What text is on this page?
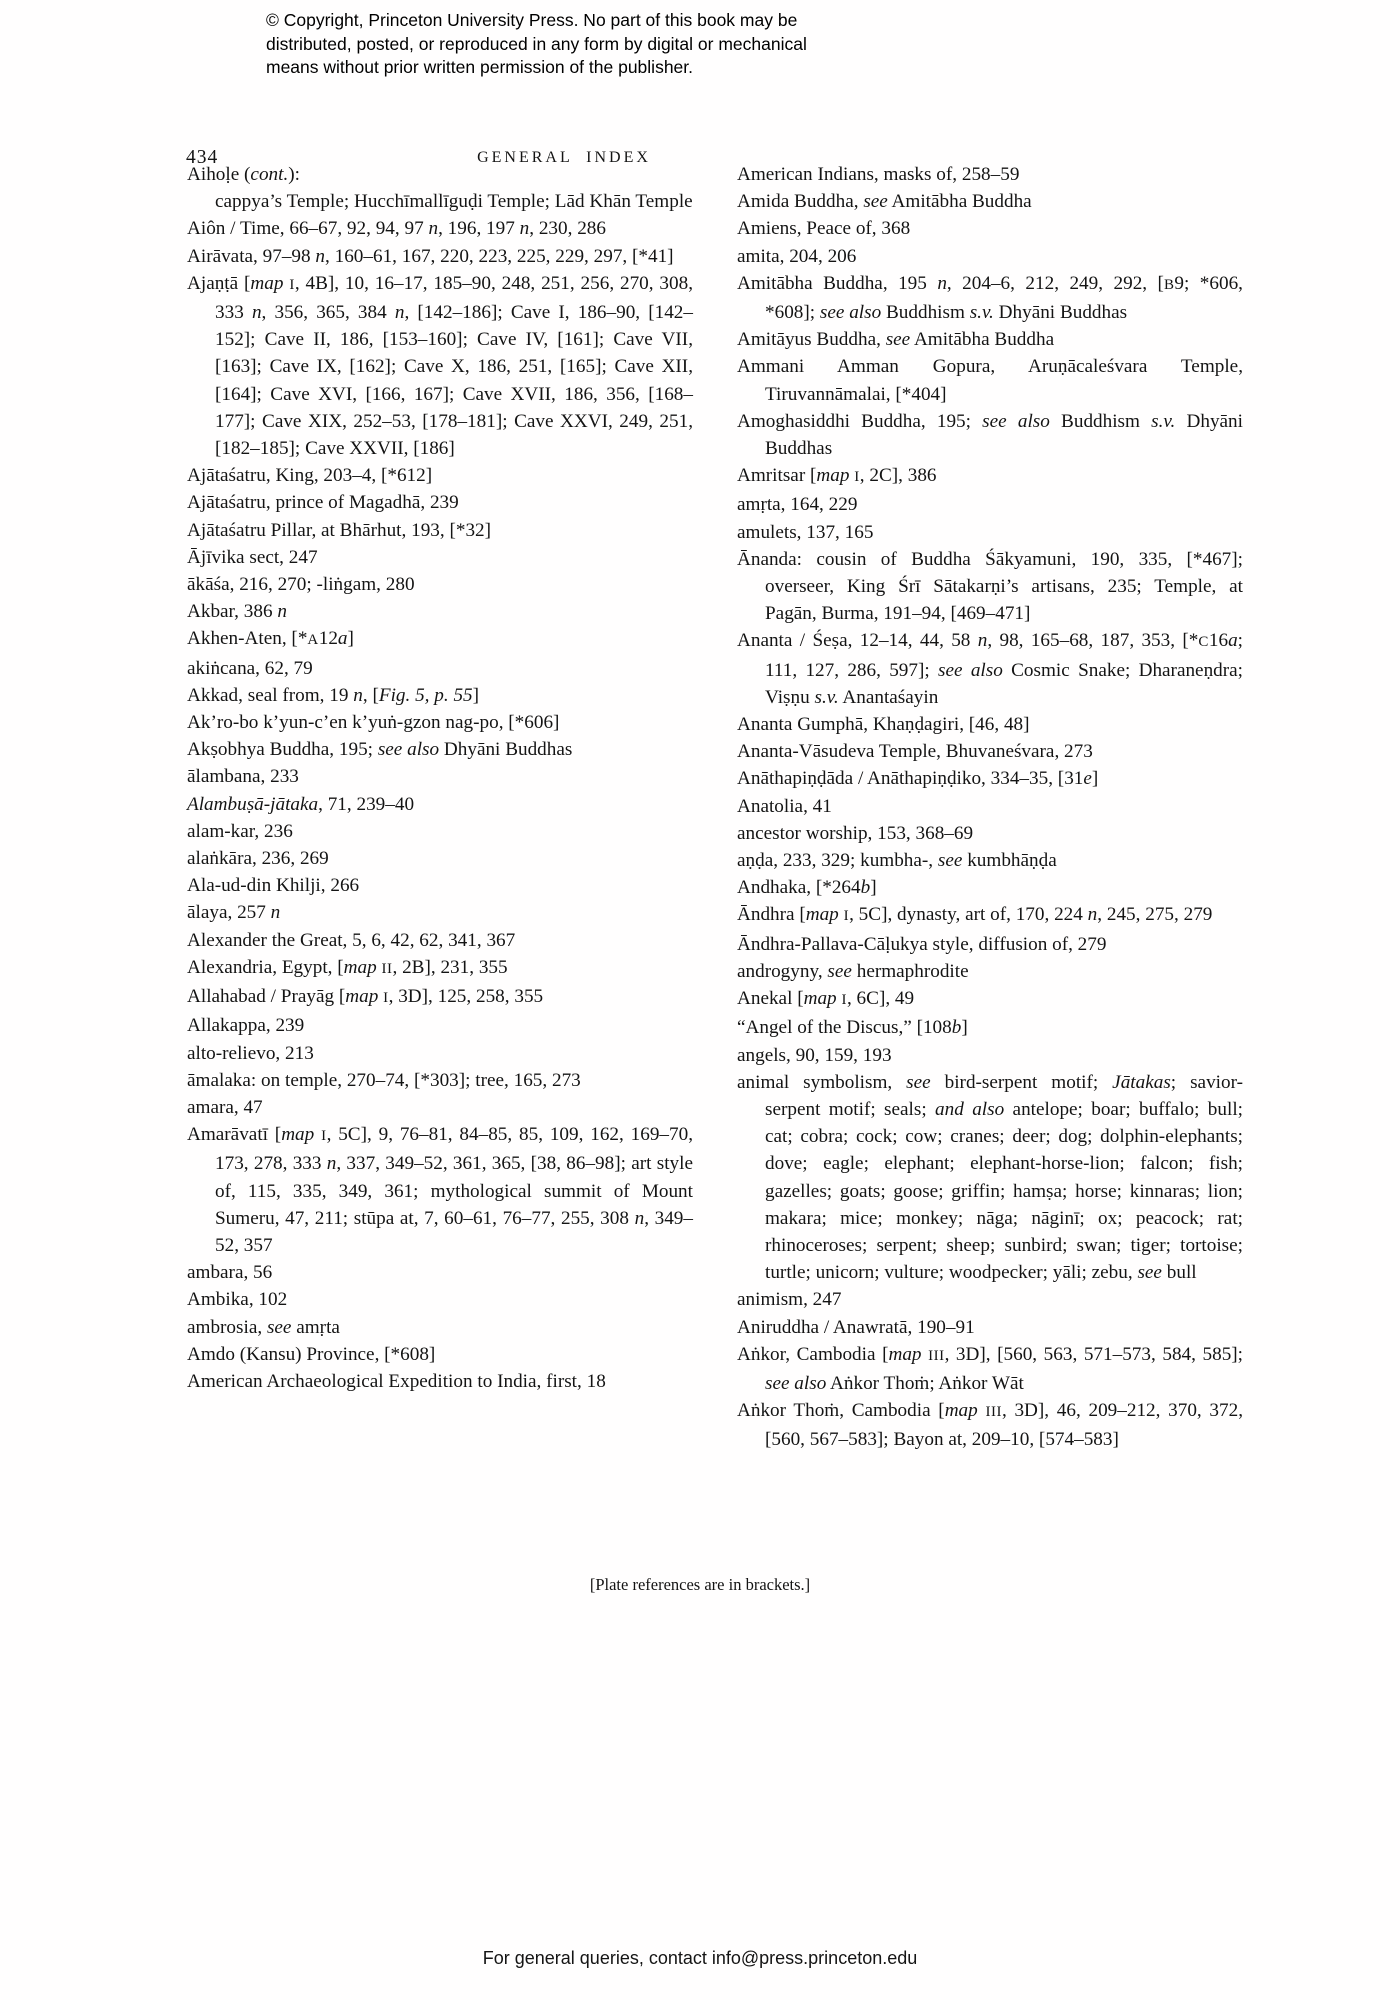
© Copyright, Princeton University Press. No part of this book may be

distributed, posted, or reproduced in any form by digital or mechanical

means without prior written permission of the publisher.

434	GENERAL INDEX

Aihoḷe (cont.):

cappya’s Temple; Hucchīmallīguḍi Temple; Lād Khān Temple

Aiôn / Time, 66–67, 92, 94, 97 n, 196, 197 n, 230, 286

Airāvata, 97–98 n, 160–61, 167, 220, 223, 225, 229, 297, [*41]

Ajaṇṭā [map I, 4B], 10, 16–17, 185–90, 248, 251, 256, 270, 308, 333 n, 356, 365, 384 n, [142–186]; Cave I, 186–90, [142–152]; Cave II, 186, [153–160]; Cave IV, [161]; Cave VII, [163]; Cave IX, [162]; Cave X, 186, 251, [165]; Cave XII, [164]; Cave XVI, [166, 167]; Cave XVII, 186, 356, [168–177]; Cave XIX, 252–53, [178–181]; Cave XXVI, 249, 251, [182–185]; Cave XXVII, [186]

Ajātaśatru, King, 203–4, [*612]

Ajātaśatru, prince of Magadhā, 239

Ajātaśatru Pillar, at Bhārhut, 193, [*32]

Ājīvika sect, 247

ākāśa, 216, 270; -liṅgam, 280

Akbar, 386 n

Akhen-Aten, [*A12a]

akiṅcana, 62, 79

Akkad, seal from, 19 n, [Fig. 5, p. 55]

Ak’ro-bo k’yun-c’en k’yuṅ-gzon nag-po, [*606]

Akṣobhya Buddha, 195; see also Dhyāni Buddhas

ālambana, 233

Alambuṣā-jātaka, 71, 239–40

alam-kar, 236

alaṅkāra, 236, 269

Ala-ud-din Khilji, 266

ālaya, 257 n

Alexander the Great, 5, 6, 42, 62, 341, 367

Alexandria, Egypt, [map II, 2B], 231, 355

Allahabad / Prayāg [map I, 3D], 125, 258, 355

Allakappa, 239

alto-relievo, 213

āmalaka: on temple, 270–74, [*303]; tree, 165, 273

amara, 47

Amarāvatī [map I, 5C], 9, 76–81, 84–85, 85, 109, 162, 169–70, 173, 278, 333 n, 337, 349–52, 361, 365, [38, 86–98]; art style of, 115, 335, 349, 361; mythological summit of Mount Sumeru, 47, 211; stūpa at, 7, 60–61, 76–77, 255, 308 n, 349–52, 357

ambara, 56

Ambika, 102

ambrosia, see amṛta

Amdo (Kansu) Province, [*608]

American Archaeological Expedition to India, first, 18

American Indians, masks of, 258–59

Amida Buddha, see Amitābha Buddha

Amiens, Peace of, 368

amita, 204, 206

Amitābha Buddha, 195 n, 204–6, 212, 249, 292, [B9; *606, *608]; see also Buddhism s.v. Dhyāni Buddhas

Amitāyus Buddha, see Amitābha Buddha

Ammani Amman Gopura, Aruṇācaleśvara Temple, Tiruvannāmalai, [*404]

Amoghasiddhi Buddha, 195; see also Buddhism s.v. Dhyāni Buddhas

Amritsar [map I, 2C], 386

amṛta, 164, 229

amulets, 137, 165

Ānanda: cousin of Buddha Śākyamuni, 190, 335, [*467]; overseer, King Śrī Sātakarṇi’s artisans, 235; Temple, at Pagān, Burma, 191–94, [469–471]

Ananta / Śeṣa, 12–14, 44, 58 n, 98, 165–68, 187, 353, [*C16a; 111, 127, 286, 597]; see also Cosmic Snake; Dharaneṇdra; Viṣṇu s.v. Anantaśayin

Ananta Gumphā, Khaṇḍagiri, [46, 48]

Ananta-Vāsudeva Temple, Bhuvaneśvara, 273

Anāthapiṇḍāda / Anāthapiṇḍiko, 334–35, [31e]

Anatolia, 41

ancestor worship, 153, 368–69

aṇḍa, 233, 329; kumbha-, see kumbhāṇḍa

Andhaka, [*264b]

Āndhra [map I, 5C], dynasty, art of, 170, 224 n, 245, 275, 279

Āndhra-Pallava-Cāḷukya style, diffusion of, 279

androgyny, see hermaphrodite

Anekal [map I, 6C], 49

“Angel of the Discus,” [108b]

angels, 90, 159, 193

animal symbolism, see bird-serpent motif; Jātakas; savior-serpent motif; seals; and also antelope; boar; buffalo; bull; cat; cobra; cock; cow; cranes; deer; dog; dolphin-elephants; dove; eagle; elephant; elephant-horse-lion; falcon; fish; gazelles; goats; goose; griffin; hamṣa; horse; kinnaras; lion; makara; mice; monkey; nāga; nāginī; ox; peacock; rat; rhinoceroses; serpent; sheep; sunbird; swan; tiger; tortoise; turtle; unicorn; vulture; woodpecker; yāli; zebu, see bull

animism, 247

Aniruddha / Anawratā, 190–91

Aṅkor, Cambodia [map III, 3D], [560, 563, 571–573, 584, 585]; see also Aṅkor Thoṁ; Aṅkor Wāt

Aṅkor Thoṁ, Cambodia [map III, 3D], 46, 209–212, 370, 372, [560, 567–583]; Bayon at, 209–10, [574–583]

[Plate references are in brackets.]

For general queries, contact info@press.princeton.edu
